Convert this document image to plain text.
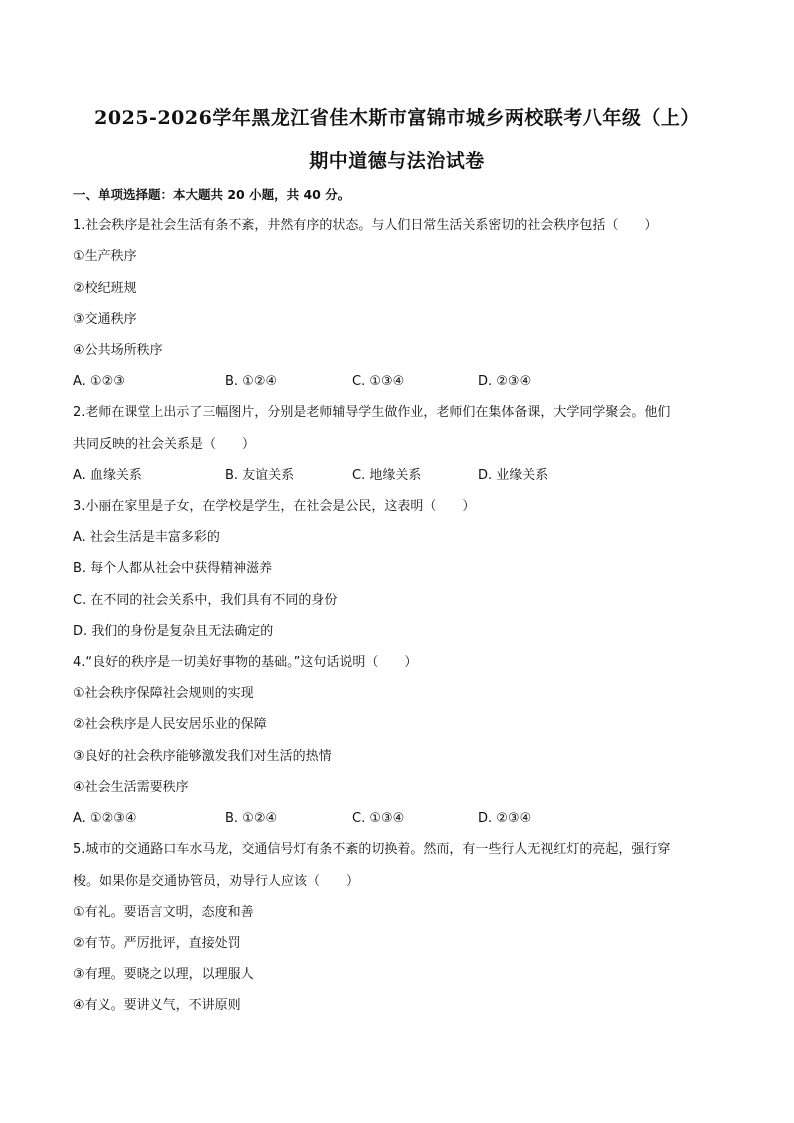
2025-2026学年黑龙江省佳木斯市富锦市城乡两校联考八年级（上）
期中道德与法治试卷
一、单项选择题：本大题共 20 小题，共 40 分。
1.社会秩序是社会生活有条不紊，井然有序的状态。与人们日常生活关系密切的社会秩序包括（　　）
①生产秩序
②校纪班规
③交通秩序
④公共场所秩序
A. ①②③	B. ①②④	C. ①③④	D. ②③④
2.老师在课堂上出示了三幅图片，分别是老师辅导学生做作业，老师们在集体备课，大学同学聚会。他们
共同反映的社会关系是（　　）
A. 血缘关系	B. 友谊关系	C. 地缘关系	D. 业缘关系
3.小丽在家里是子女，在学校是学生，在社会是公民，这表明（　　）
A. 社会生活是丰富多彩的
B. 每个人都从社会中获得精神滋养
C. 在不同的社会关系中，我们具有不同的身份
D. 我们的身份是复杂且无法确定的
4.“良好的秩序是一切美好事物的基础。”这句话说明（　　）
①社会秩序保障社会规则的实现
②社会秩序是人民安居乐业的保障
③良好的社会秩序能够激发我们对生活的热情
④社会生活需要秩序
A. ①②③④	B. ①②④	C. ①③④	D. ②③④
5.城市的交通路口车水马龙，交通信号灯有条不紊的切换着。然而，有一些行人无视红灯的亮起，强行穿
梭。如果你是交通协管员，劝导行人应该（　　）
①有礼。要语言文明，态度和善
②有节。严厉批评，直接处罚
③有理。要晓之以理，以理服人
④有义。要讲义气，不讲原则
